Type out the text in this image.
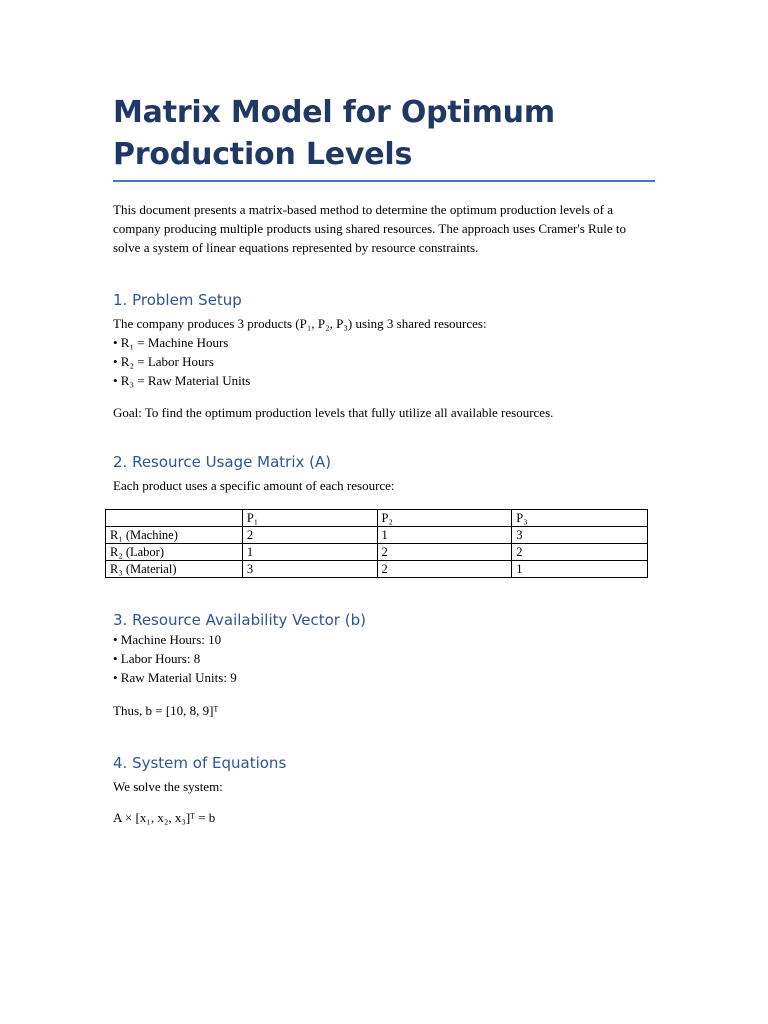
Matrix Model for Optimum Production Levels

This document presents a matrix-based method to determine the optimum production levels of a company producing multiple products using shared resources. The approach uses Cramer's Rule to solve a system of linear equations represented by resource constraints.

1. Problem Setup

The company produces 3 products (P₁, P₂, P₃) using 3 shared resources:

• R₁ = Machine Hours
• R₂ = Labor Hours
• R₃ = Raw Material Units

Goal: To find the optimum production levels that fully utilize all available resources.

2. Resource Usage Matrix (A)

Each product uses a specific amount of each resource:

	P₁	P₂	P₃
R₁ (Machine)	2	1	3
R₂ (Labor)	1	2	2
R₃ (Material)	3	2	1
3. Resource Availability Vector (b)
• Machine Hours: 10
• Labor Hours: 8
• Raw Material Units: 9

Thus, b = [10, 8, 9]ᵀ

4. System of Equations

We solve the system:

A × [x₁, x₂, x₃]ᵀ = b
